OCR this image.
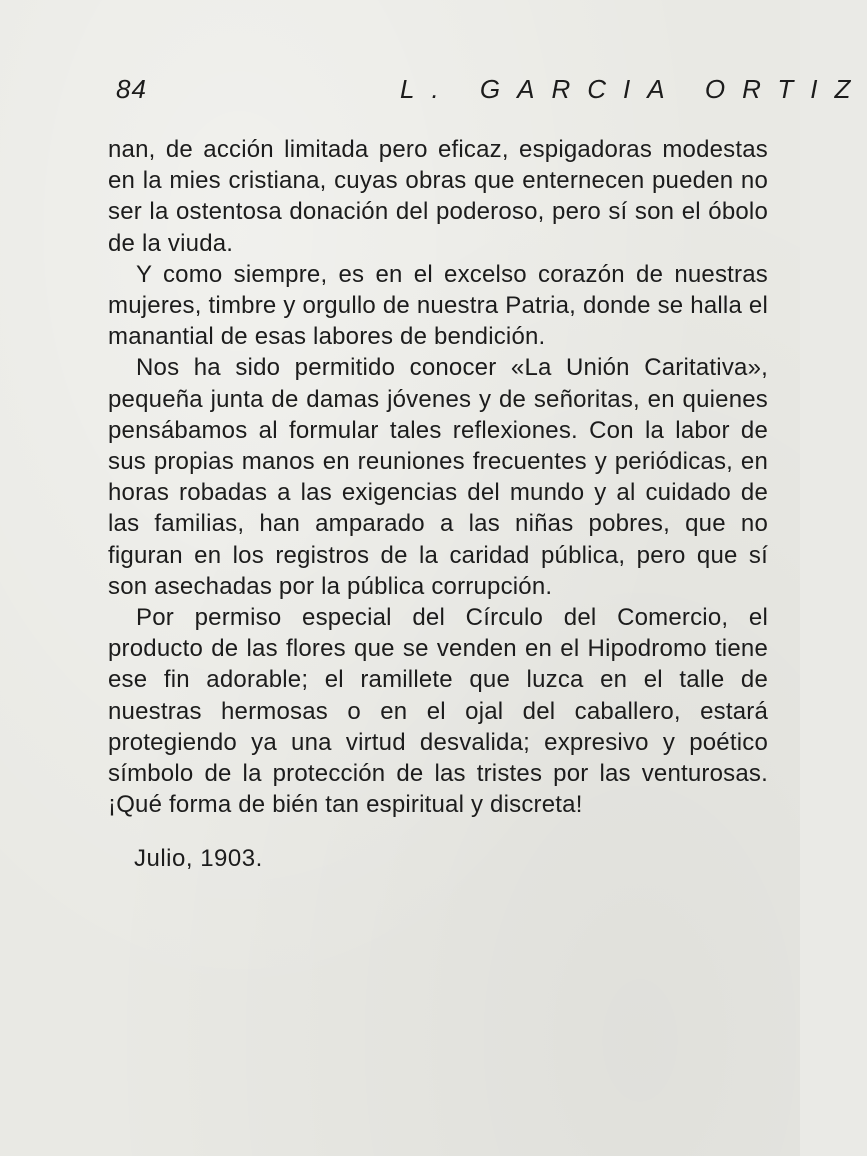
84	L. GARCIA ORTIZ

nan, de acción limitada pero eficaz, espigadoras modestas en la mies cristiana, cuyas obras que enternecen pueden no ser la ostentosa donación del poderoso, pero sí son el óbolo de la viuda.

Y como siempre, es en el excelso corazón de nuestras mujeres, timbre y orgullo de nuestra Patria, donde se halla el manantial de esas labores de bendición.

Nos ha sido permitido conocer «La Unión Caritativa», pequeña junta de damas jóvenes y de señoritas, en quienes pensábamos al formular tales reflexiones. Con la labor de sus propias manos en reuniones frecuentes y periódicas, en horas robadas a las exigencias del mundo y al cuidado de las familias, han amparado a las niñas pobres, que no figuran en los registros de la caridad pública, pero que sí son asechadas por la pública corrupción.

Por permiso especial del Círculo del Comercio, el producto de las flores que se venden en el Hipodromo tiene ese fin adorable; el ramillete que luzca en el talle de nuestras hermosas o en el ojal del caballero, estará protegiendo ya una virtud desvalida; expresivo y poético símbolo de la protección de las tristes por las venturosas. ¡Qué forma de bién tan espiritual y discreta!

Julio, 1903.
